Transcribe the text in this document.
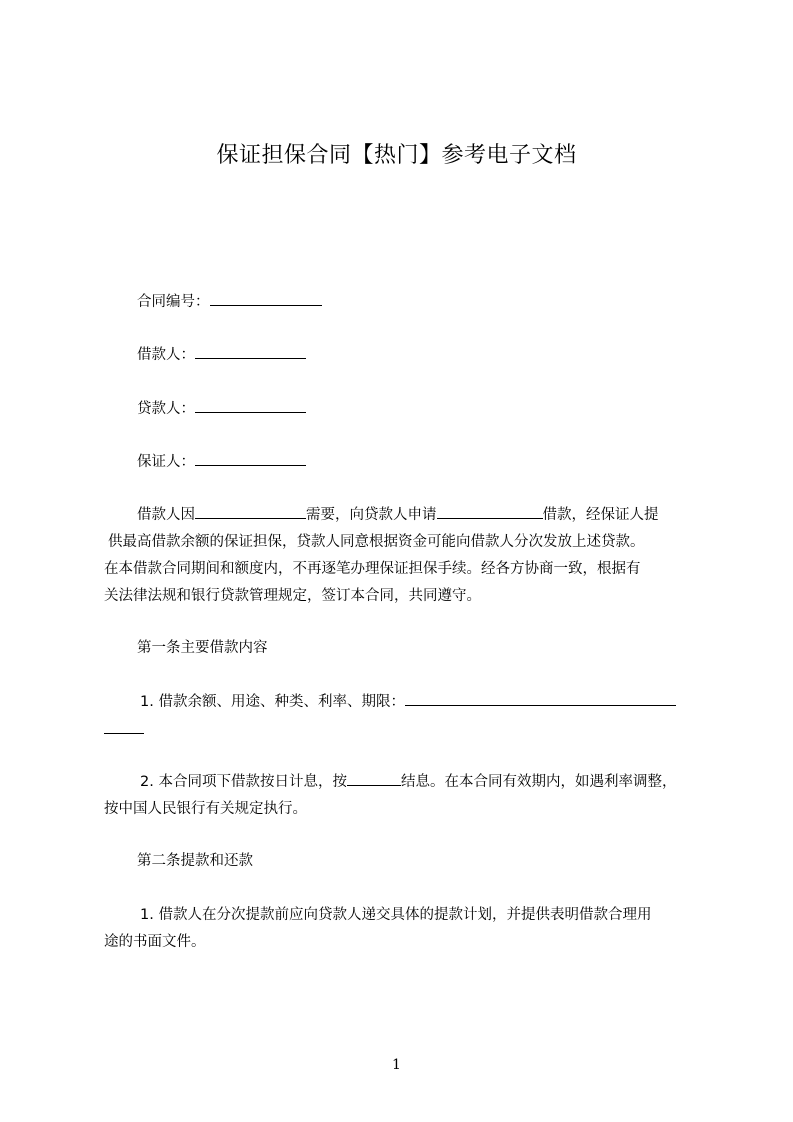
保证担保合同【热门】参考电子文档
合同编号：
借款人：
贷款人：
保证人：
借款人因	需要，向贷款人申请	借款，经保证人提
供最高借款余额的保证担保，贷款人同意根据资金可能向借款人分次发放上述贷款。
在本借款合同期间和额度内，不再逐笔办理保证担保手续。经各方协商一致，根据有
关法律法规和银行贷款管理规定，签订本合同，共同遵守。
第一条主要借款内容
1. 借款余额、用途、种类、利率、期限：
2. 本合同项下借款按日计息，按	结息。在本合同有效期内，如遇利率调整，
按中国人民银行有关规定执行。
第二条提款和还款
1. 借款人在分次提款前应向贷款人递交具体的提款计划，并提供表明借款合理用
途的书面文件。
1
